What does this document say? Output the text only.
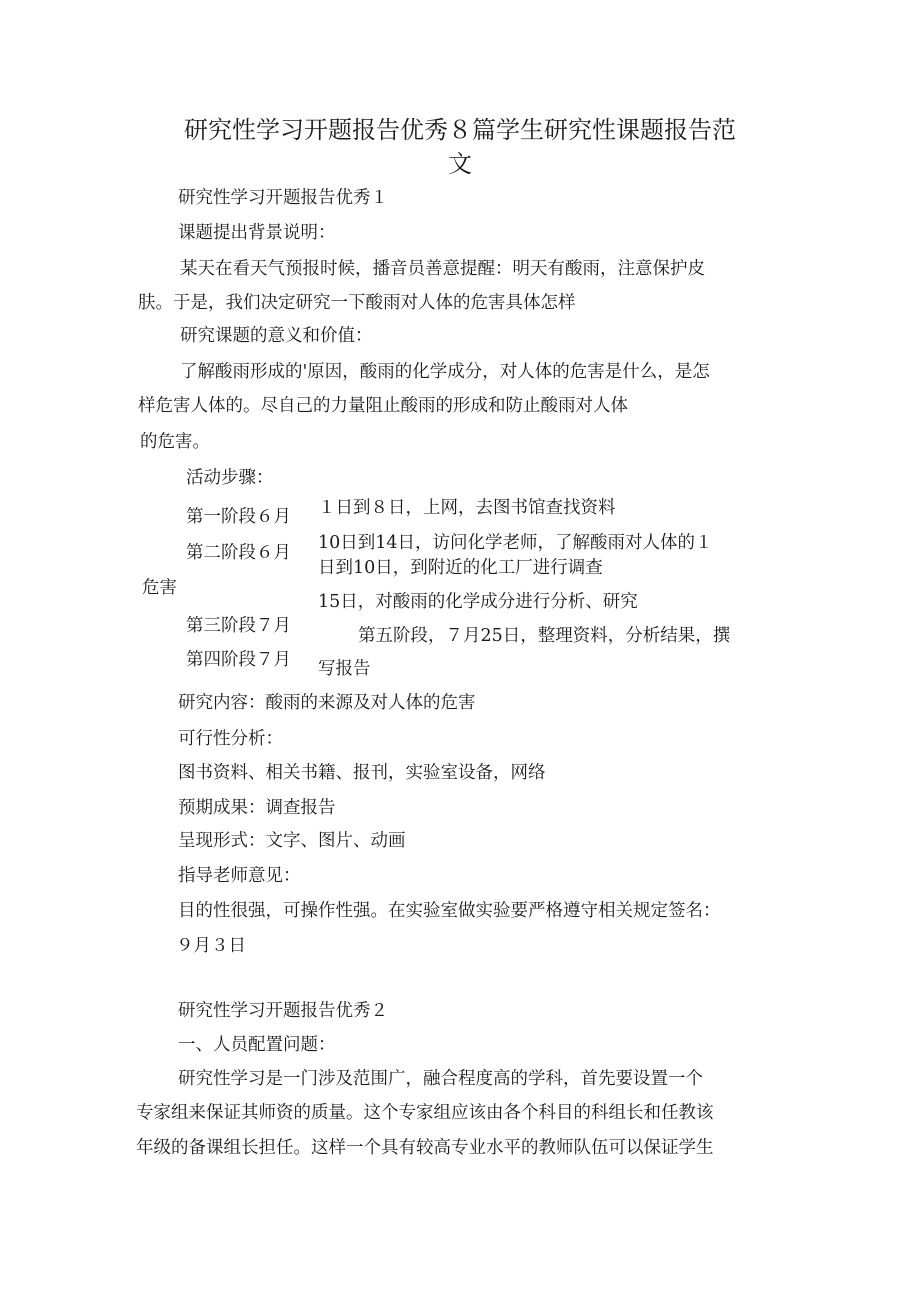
研究性学习开题报告优秀８篇学生研究性课题报告范
文
研究性学习开题报告优秀１
课题提出背景说明：
某天在看天气预报时候，播音员善意提醒：明天有酸雨，注意保护皮
肤。于是，我们决定研究一下酸雨对人体的危害具体怎样
研究课题的意义和价值：
了解酸雨形成的'原因，酸雨的化学成分，对人体的危害是什么，是怎
样危害人体的。尽自己的力量阻止酸雨的形成和防止酸雨对人体
的危害。
活动步骤：
第一阶段６月 １日到８日，上网，去图书馆查找资料
第二阶段６月 10日到14日，访问化学老师，了解酸雨对人体的１
日到10日，到附近的化工厂进行调查
危害
15日，对酸雨的化学成分进行分析、研究
第三阶段７月	第五阶段，７月25日，整理资料，分析结果，撰
第四阶段７月 写报告
研究内容：酸雨的来源及对人体的危害
可行性分析：
图书资料、相关书籍、报刊，实验室设备，网络
预期成果：调查报告
呈现形式：文字、图片、动画
指导老师意见：
目的性很强，可操作性强。在实验室做实验要严格遵守相关规定签名：
９月３日
研究性学习开题报告优秀２
一、人员配置问题：
研究性学习是一门涉及范围广，融合程度高的学科，首先要设置一个
专家组来保证其师资的质量。这个专家组应该由各个科目的科组长和任教该
年级的备课组长担任。这样一个具有较高专业水平的教师队伍可以保证学生
